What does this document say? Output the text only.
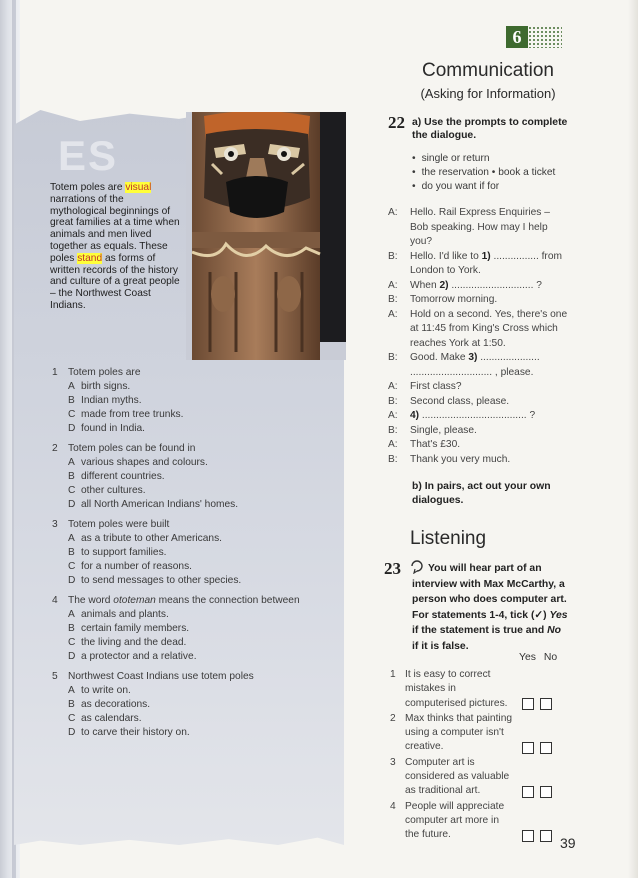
ES
Totem poles are visual narrations of the mythological beginnings of great families at a time when animals and men lived together as equals. These poles stand as forms of written records of the history and culture of a great people – the Northwest Coast Indians.
1	Totem poles are
A birth signs.
B Indian myths.
C made from tree trunks.
D found in India.
2	Totem poles can be found in
A various shapes and colours.
B different countries.
C other cultures.
D all North American Indians' homes.
3	Totem poles were built
A as a tribute to other Americans.
B to support families.
C for a number of reasons.
D to send messages to other species.
4	The word ototeman means the connection between
A animals and plants.
B certain family members.
C the living and the dead.
D a protector and a relative.
5	Northwest Coast Indians use totem poles
A to write on.
B as decorations.
C as calendars.
D to carve their history on.
6
Communication
(Asking for Information)
22 a) Use the prompts to complete the dialogue.
• single or return
• the reservation • book a ticket
• do you want if for
A:	Hello. Rail Express Enquiries – Bob speaking. How may I help you?
B:	Hello. I'd like to 1) ................ from London to York.
A:	When 2) ............................. ?
B:	Tomorrow morning.
A:	Hold on a second. Yes, there's one at 11:45 from King's Cross which reaches York at 1:50.
B:	Good. Make 3) ..................... ............................. , please.
A:	First class?
B:	Second class, please.
A:	4) ..................................... ?
B:	Single, please.
A:	That's £30.
B:	Thank you very much.
b) In pairs, act out your own dialogues.
Listening
23	You will hear part of an interview with Max McCarthy, a person who does computer art. For statements 1-4, tick (✓) Yes if the statement is true and No if it is false.
Yes No
1 It is easy to correct mistakes in computerised pictures.
2 Max thinks that painting using a computer isn't creative.
3 Computer art is considered as valuable as traditional art.
4 People will appreciate computer art more in the future.
39
